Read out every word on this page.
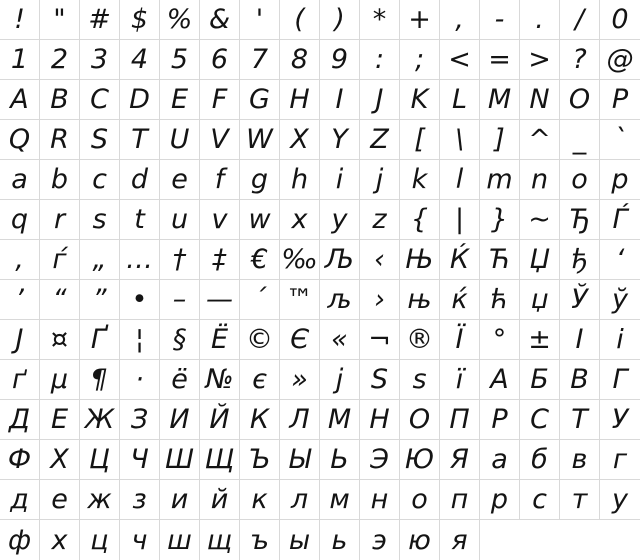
!	" # $ % & '	(	)	* + ,	-	.	/	0
1 2 3 4 5 6 7 8 9 :	; < = > ? @
A B C D E F G H I	J	K L M N O P
Q R S T U V W X Y Z [	\	] ^ _	`
a b c d e f g h	i	j	k	l m n o p
q r	s	t u v w x y z { | } ~ Ђ Ѓ
‚	ѓ „ … † ‡ € ‰ Љ ‹ Њ Ќ Ћ Џ ђ	‘
’	“ ” • – — ´ ™ љ › њ ќ ћ џ Ў ў
Ј	¤ Ґ	¦	§ Ё © Є « ¬ ® Ї	° ± І	і
ґ µ ¶	·	ё № є »	ј	Ѕ ѕ	ї	А Б В Г
Д Е Ж З И Й К Л М Н О П Р С Т У
Ф Х Ц Ч Ш Щ Ъ Ы Ь Э Ю Я а б в г
д е ж з и й к л м н о п р с т у
ф х ц ч ш щ ъ ы ь э ю я
